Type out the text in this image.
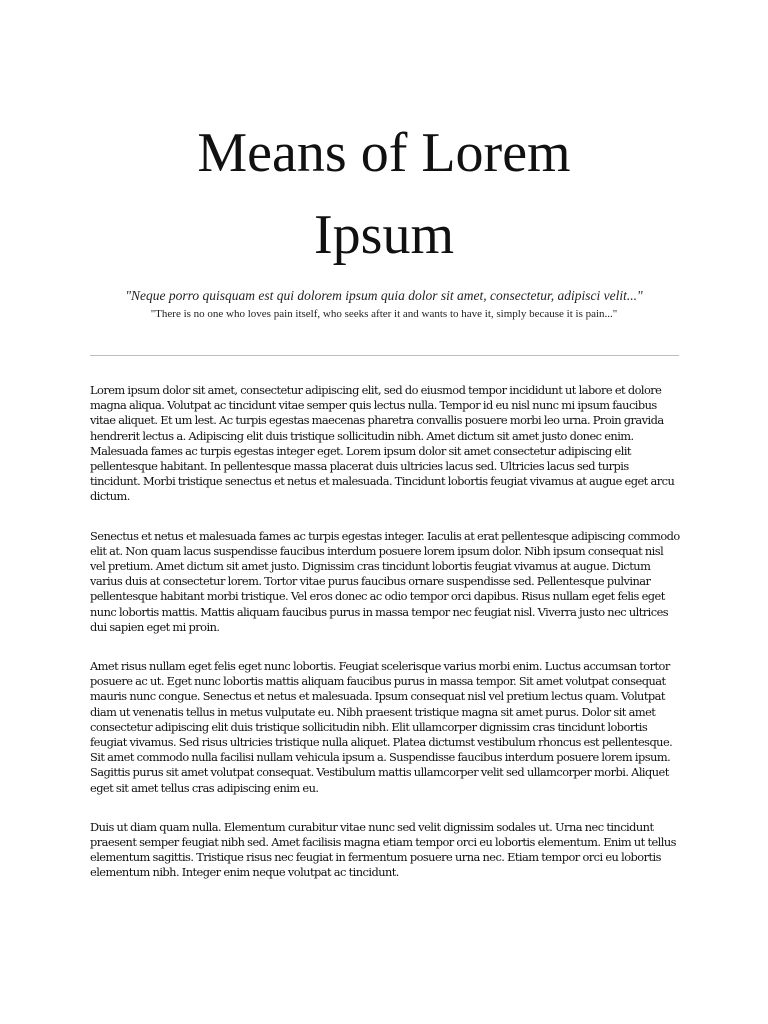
Means of Lorem
Ipsum

"Neque porro quisquam est qui dolorem ipsum quia dolor sit amet, consectetur, adipisci velit..."

"There is no one who loves pain itself, who seeks after it and wants to have it, simply because it is pain..."

Lorem ipsum dolor sit amet, consectetur adipiscing elit, sed do eiusmod tempor incididunt ut labore et dolore magna aliqua. Volutpat ac tincidunt vitae semper quis lectus nulla. Tempor id eu nisl nunc mi ipsum faucibus vitae aliquet. Et um lest. Ac turpis egestas maecenas pharetra convallis posuere morbi leo urna. Proin gravida hendrerit lectus a. Adipiscing elit duis tristique sollicitudin nibh. Amet dictum sit amet justo donec enim. Malesuada fames ac turpis egestas integer eget. Lorem ipsum dolor sit amet consectetur adipiscing elit pellentesque habitant. In pellentesque massa placerat duis ultricies lacus sed. Ultricies lacus sed turpis tincidunt. Morbi tristique senectus et netus et malesuada. Tincidunt lobortis feugiat vivamus at augue eget arcu dictum.

Senectus et netus et malesuada fames ac turpis egestas integer. Iaculis at erat pellentesque adipiscing commodo elit at. Non quam lacus suspendisse faucibus interdum posuere lorem ipsum dolor. Nibh ipsum consequat nisl vel pretium. Amet dictum sit amet justo. Dignissim cras tincidunt lobortis feugiat vivamus at augue. Dictum varius duis at consectetur lorem. Tortor vitae purus faucibus ornare suspendisse sed. Pellentesque pulvinar pellentesque habitant morbi tristique. Vel eros donec ac odio tempor orci dapibus. Risus nullam eget felis eget nunc lobortis mattis. Mattis aliquam faucibus purus in massa tempor nec feugiat nisl. Viverra justo nec ultrices dui sapien eget mi proin.

Amet risus nullam eget felis eget nunc lobortis. Feugiat scelerisque varius morbi enim. Luctus accumsan tortor posuere ac ut. Eget nunc lobortis mattis aliquam faucibus purus in massa tempor. Sit amet volutpat consequat mauris nunc congue. Senectus et netus et malesuada. Ipsum consequat nisl vel pretium lectus quam. Volutpat diam ut venenatis tellus in metus vulputate eu. Nibh praesent tristique magna sit amet purus. Dolor sit amet consectetur adipiscing elit duis tristique sollicitudin nibh. Elit ullamcorper dignissim cras tincidunt lobortis feugiat vivamus. Sed risus ultricies tristique nulla aliquet. Platea dictumst vestibulum rhoncus est pellentesque. Sit amet commodo nulla facilisi nullam vehicula ipsum a. Suspendisse faucibus interdum posuere lorem ipsum. Sagittis purus sit amet volutpat consequat. Vestibulum mattis ullamcorper velit sed ullamcorper morbi. Aliquet eget sit amet tellus cras adipiscing enim eu.

Duis ut diam quam nulla. Elementum curabitur vitae nunc sed velit dignissim sodales ut. Urna nec tincidunt praesent semper feugiat nibh sed. Amet facilisis magna etiam tempor orci eu lobortis elementum. Enim ut tellus elementum sagittis. Tristique risus nec feugiat in fermentum posuere urna nec. Etiam tempor orci eu lobortis elementum nibh. Integer enim neque volutpat ac tincidunt.
